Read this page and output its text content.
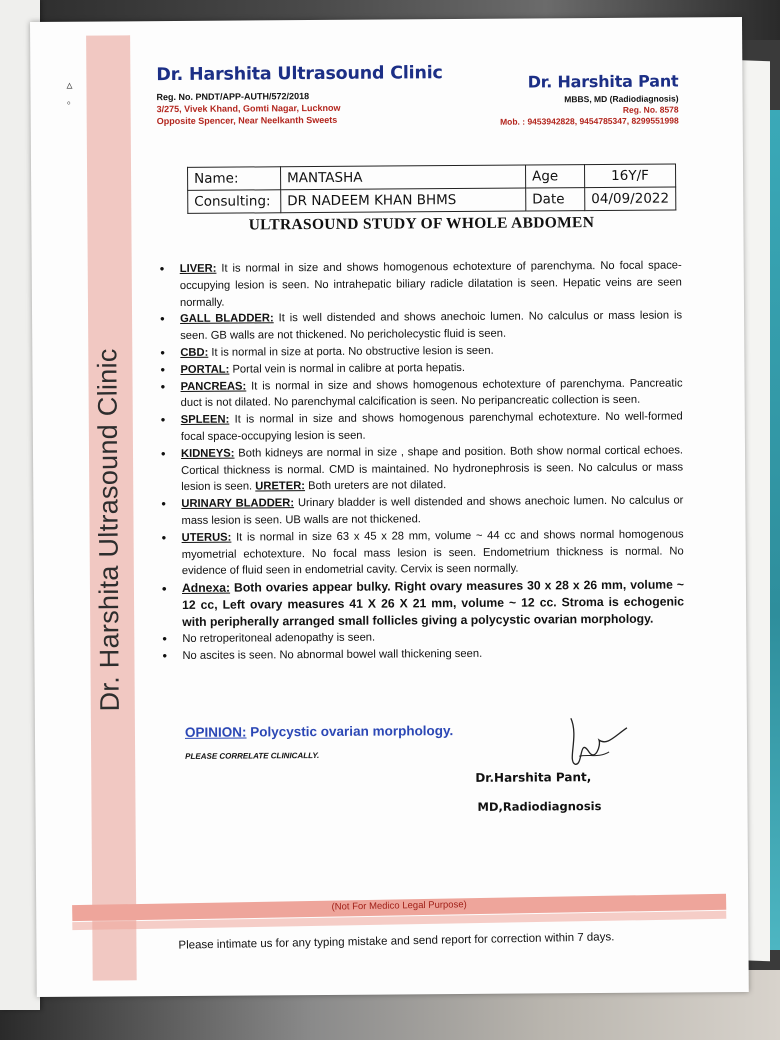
Dr. Harshita Ultrasound Clinic
▵
◦
Dr. Harshita Ultrasound Clinic
Reg. No. PNDT/APP-AUTH/572/2018
3/275, Vivek Khand, Gomti Nagar, Lucknow
Opposite Spencer, Near Neelkanth Sweets
Dr. Harshita Pant
MBBS, MD (Radiodiagnosis)
Reg. No. 8578
Mob. : 9453942828, 9454785347, 8299551998
Name:	MANTASHA	Age	16Y/F
Consulting:	DR NADEEM KHAN BHMS	Date	04/09/2022
ULTRASOUND STUDY OF WHOLE ABDOMEN
• LIVER: It is normal in size and shows homogenous echotexture of parenchyma. No focal space-occupying lesion is seen. No intrahepatic biliary radicle dilatation is seen. Hepatic veins are seen normally.
• GALL BLADDER: It is well distended and shows anechoic lumen. No calculus or mass lesion is seen. GB walls are not thickened. No pericholecystic fluid is seen.
• CBD: It is normal in size at porta. No obstructive lesion is seen.
• PORTAL: Portal vein is normal in calibre at porta hepatis.
• PANCREAS: It is normal in size and shows homogenous echotexture of parenchyma. Pancreatic duct is not dilated. No parenchymal calcification is seen. No peripancreatic collection is seen.
• SPLEEN: It is normal in size and shows homogenous parenchymal echotexture. No well-formed focal space-occupying lesion is seen.
• KIDNEYS: Both kidneys are normal in size , shape and position. Both show normal cortical echoes. Cortical thickness is normal. CMD is maintained. No hydronephrosis is seen. No calculus or mass lesion is seen. URETER: Both ureters are not dilated.
• URINARY BLADDER: Urinary bladder is well distended and shows anechoic lumen. No calculus or mass lesion is seen. UB walls are not thickened.
• UTERUS: It is normal in size 63 x 45 x 28 mm, volume ~ 44 cc and shows normal homogenous myometrial echotexture. No focal mass lesion is seen. Endometrium thickness is normal. No evidence of fluid seen in endometrial cavity. Cervix is seen normally.
• Adnexa: Both ovaries appear bulky. Right ovary measures 30 x 28 x 26 mm, volume ~ 12 cc, Left ovary measures 41 X 26 X 21 mm, volume ~ 12 cc. Stroma is echogenic with peripherally arranged small follicles giving a polycystic ovarian morphology.
• No retroperitoneal adenopathy is seen.
• No ascites is seen. No abnormal bowel wall thickening seen.
OPINION: Polycystic ovarian morphology.
PLEASE CORRELATE CLINICALLY.
Dr.Harshita Pant,
MD,Radiodiagnosis
(Not For Medico Legal Purpose)
Please intimate us for any typing mistake and send report for correction within 7 days.
